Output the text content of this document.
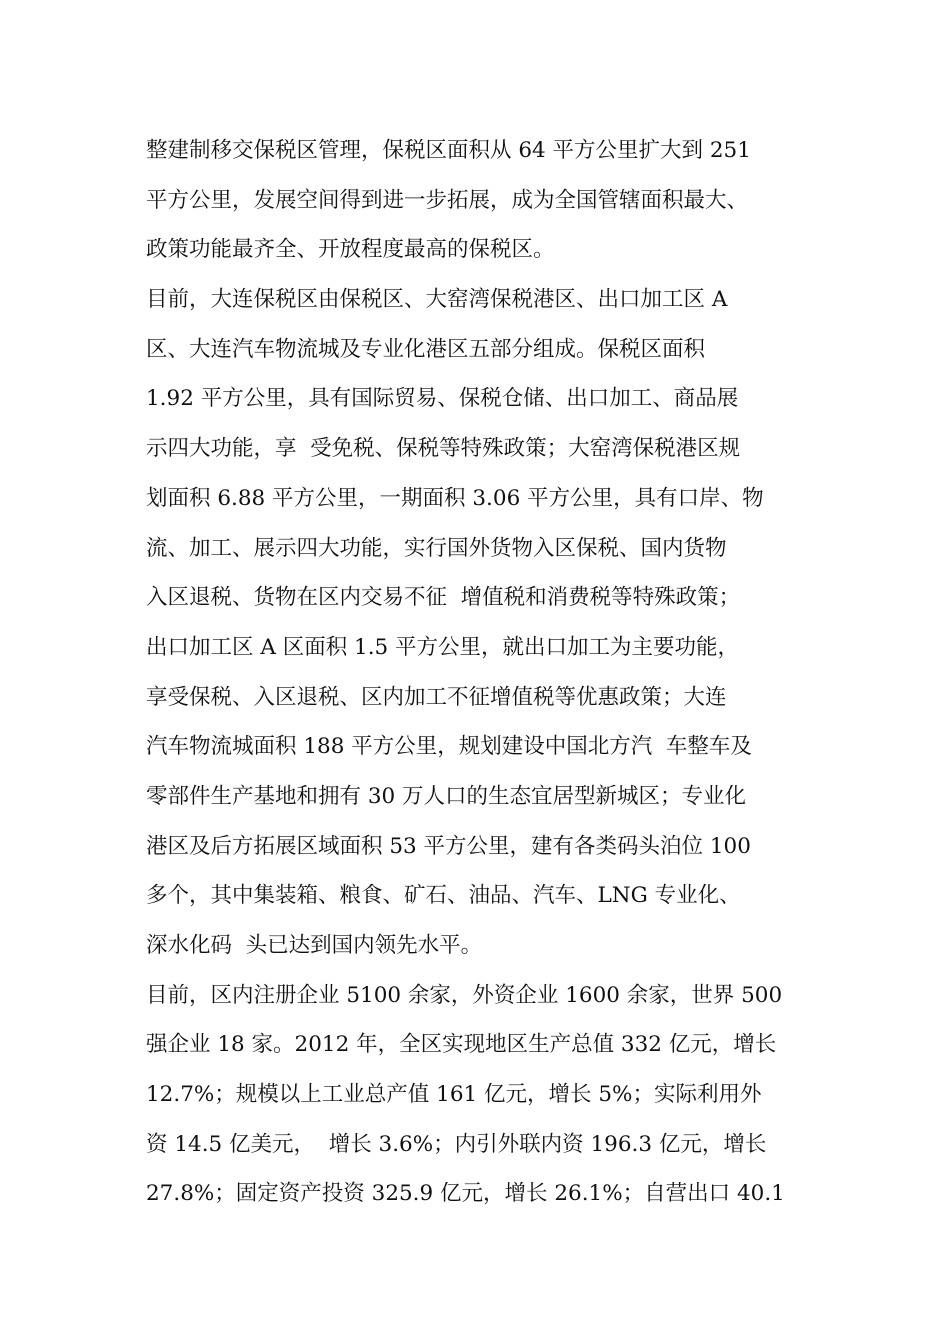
整建制移交保税区管理，保税区面积从 64 平方公里扩大到 251
平方公里，发展空间得到进一步拓展，成为全国管辖面积最大、
政策功能最齐全、开放程度最高的保税区。
目前，大连保税区由保税区、大窑湾保税港区、出口加工区 A
区、大连汽车物流城及专业化港区五部分组成。保税区面积
1.92 平方公里，具有国际贸易、保税仓储、出口加工、商品展
示四大功能，享  受免税、保税等特殊政策；大窑湾保税港区规
划面积 6.88 平方公里，一期面积 3.06 平方公里，具有口岸、物
流、加工、展示四大功能，实行国外货物入区保税、国内货物
入区退税、货物在区内交易不征  增值税和消费税等特殊政策；
出口加工区 A 区面积 1.5 平方公里，就出口加工为主要功能，
享受保税、入区退税、区内加工不征增值税等优惠政策；大连
汽车物流城面积 188 平方公里，规划建设中国北方汽  车整车及
零部件生产基地和拥有 30 万人口的生态宜居型新城区；专业化
港区及后方拓展区域面积 53 平方公里，建有各类码头泊位 100
多个，其中集装箱、粮食、矿石、油品、汽车、LNG 专业化、
深水化码  头已达到国内领先水平。
目前，区内注册企业 5100 余家，外资企业 1600 余家，世界 500
强企业 18 家。2012 年，全区实现地区生产总值 332 亿元，增长
12.7%；规模以上工业总产值 161 亿元，增长 5%；实际利用外
资 14.5 亿美元，  增长 3.6%；内引外联内资 196.3 亿元，增长
27.8%；固定资产投资 325.9 亿元，增长 26.1%；自营出口 40.1
